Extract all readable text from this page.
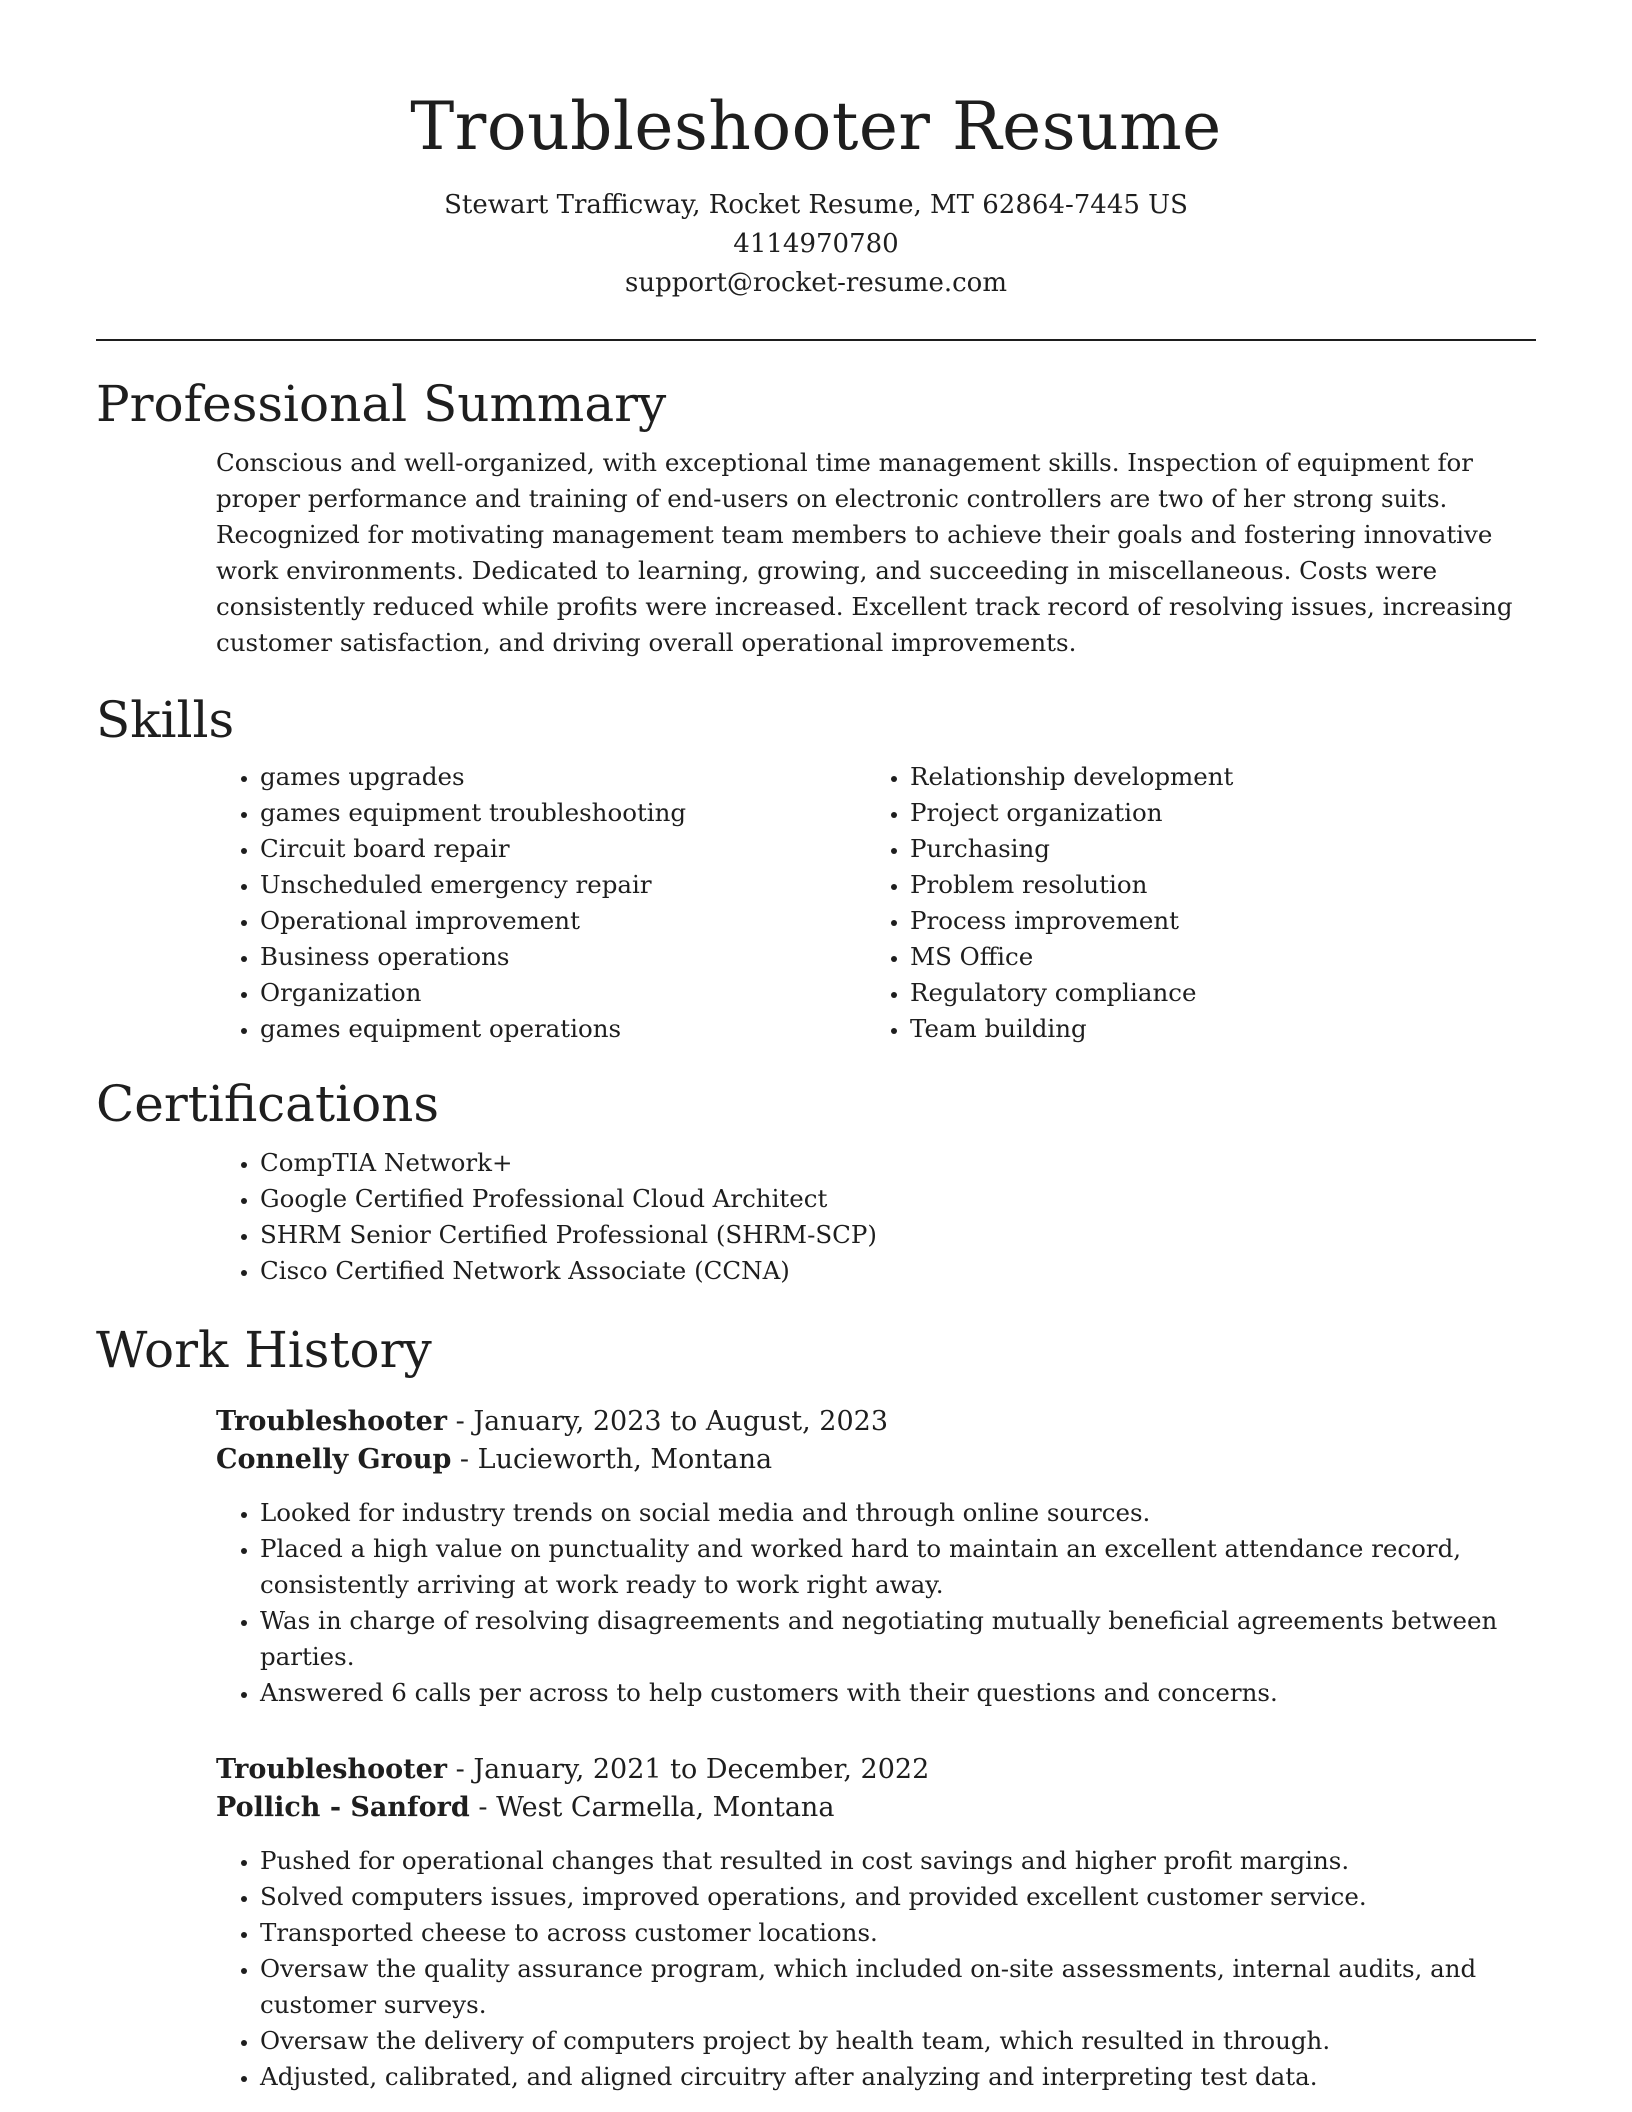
Troubleshooter Resume

Stewart Trafficway, Rocket Resume, MT 62864-7445 US

4114970780

support@rocket-resume.com

Professional Summary

Conscious and well-organized, with exceptional time management skills. Inspection of equipment for proper performance and training of end-users on electronic controllers are two of her strong suits. Recognized for motivating management team members to achieve their goals and fostering innovative work environments. Dedicated to learning, growing, and succeeding in miscellaneous. Costs were consistently reduced while profits were increased. Excellent track record of resolving issues, increasing customer satisfaction, and driving overall operational improvements.

Skills
• games upgrades
• games equipment troubleshooting
• Circuit board repair
• Unscheduled emergency repair
• Operational improvement
• Business operations
• Organization
• games equipment operations
• Relationship development
• Project organization
• Purchasing
• Problem resolution
• Process improvement
• MS Office
• Regulatory compliance
• Team building
Certifications
• CompTIA Network+
• Google Certified Professional Cloud Architect
• SHRM Senior Certified Professional (SHRM-SCP)
• Cisco Certified Network Associate (CCNA)
Work History

Troubleshooter - January, 2023 to August, 2023

Connelly Group - Lucieworth, Montana

• Looked for industry trends on social media and through online sources.
• Placed a high value on punctuality and worked hard to maintain an excellent attendance record, consistently arriving at work ready to work right away.
• Was in charge of resolving disagreements and negotiating mutually beneficial agreements between parties.
• Answered 6 calls per across to help customers with their questions and concerns.

Troubleshooter - January, 2021 to December, 2022

Pollich - Sanford - West Carmella, Montana

• Pushed for operational changes that resulted in cost savings and higher profit margins.
• Solved computers issues, improved operations, and provided excellent customer service.
• Transported cheese to across customer locations.
• Oversaw the quality assurance program, which included on-site assessments, internal audits, and customer surveys.
• Oversaw the delivery of computers project by health team, which resulted in through.
• Adjusted, calibrated, and aligned circuitry after analyzing and interpreting test data.
